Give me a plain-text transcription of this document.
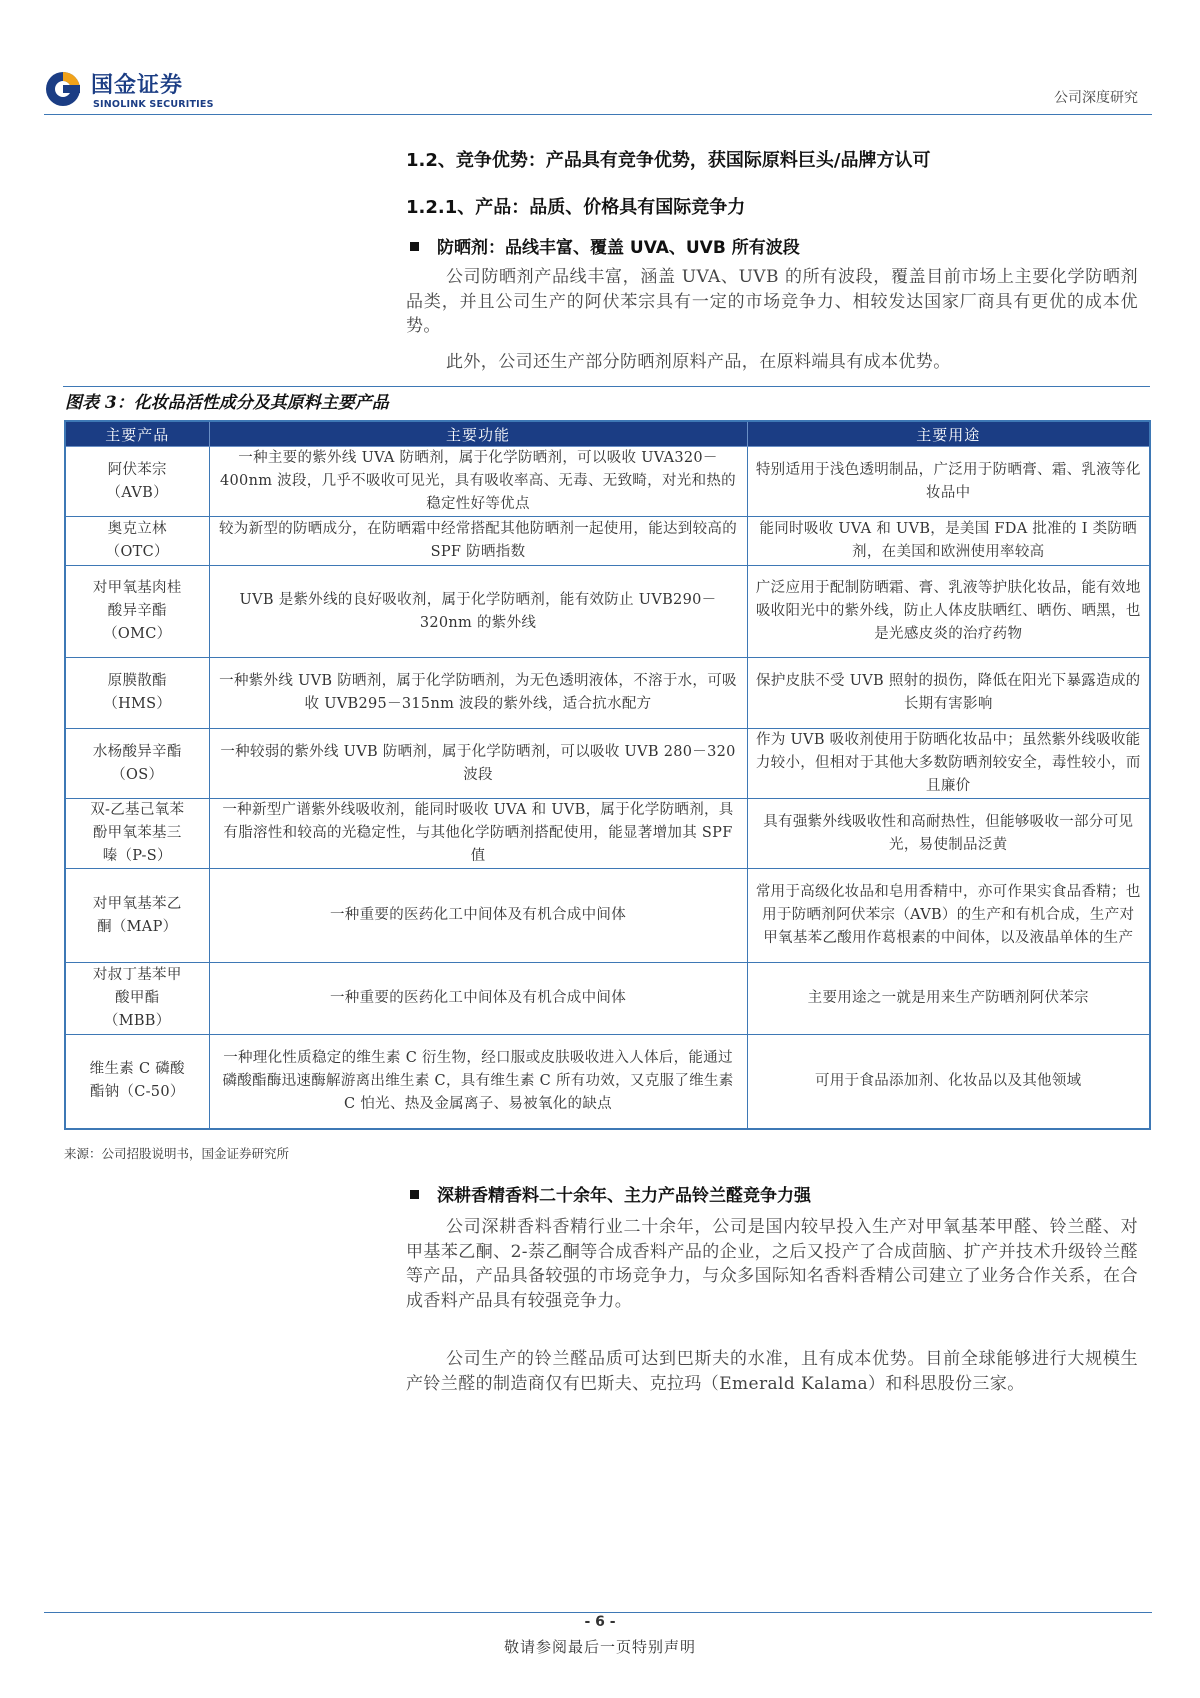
国金证券
SINOLINK SECURITIES	公司深度研究
1.2、竞争优势：产品具有竞争优势，获国际原料巨头/品牌方认可
1.2.1、产品：品质、价格具有国际竞争力
防晒剂：品线丰富、覆盖 UVA、UVB 所有波段

公司防晒剂产品线丰富，涵盖 UVA、UVB 的所有波段，覆盖目前市场上主要化学防晒剂品类，并且公司生产的阿伏苯宗具有一定的市场竞争力、相较发达国家厂商具有更优的成本优势。

此外，公司还生产部分防晒剂原料产品，在原料端具有成本优势。

图表 3：化妆品活性成分及其原料主要产品
主要产品	主要功能	主要用途
阿伏苯宗
（AVB）	一种主要的紫外线 UVA 防晒剂，属于化学防晒剂，可以吸收 UVA320－400nm 波段，几乎不吸收可见光，具有吸收率高、无毒、无致畸，对光和热的稳定性好等优点	特别适用于浅色透明制品，广泛用于防晒膏、霜、乳液等化妆品中
奥克立林
（OTC）	较为新型的防晒成分，在防晒霜中经常搭配其他防晒剂一起使用，能达到较高的 SPF 防晒指数	能同时吸收 UVA 和 UVB，是美国 FDA 批准的 I 类防晒剂，在美国和欧洲使用率较高
对甲氧基肉桂
酸异辛酯
（OMC）	UVB 是紫外线的良好吸收剂，属于化学防晒剂，能有效防止 UVB290－320nm 的紫外线	广泛应用于配制防晒霜、膏、乳液等护肤化妆品，能有效地吸收阳光中的紫外线，防止人体皮肤晒红、晒伤、晒黑，也是光感皮炎的治疗药物
原膜散酯
（HMS）	一种紫外线 UVB 防晒剂，属于化学防晒剂，为无色透明液体，不溶于水，可吸收 UVB295－315nm 波段的紫外线，适合抗水配方	保护皮肤不受 UVB 照射的损伤，降低在阳光下暴露造成的长期有害影响
水杨酸异辛酯
（OS）	一种较弱的紫外线 UVB 防晒剂，属于化学防晒剂，可以吸收 UVB 280－320 波段	作为 UVB 吸收剂使用于防晒化妆品中；虽然紫外线吸收能力较小，但相对于其他大多数防晒剂较安全，毒性较小，而且廉价
双-乙基己氧苯
酚甲氧苯基三
嗪（P-S）	一种新型广谱紫外线吸收剂，能同时吸收 UVA 和 UVB，属于化学防晒剂，具有脂溶性和较高的光稳定性，与其他化学防晒剂搭配使用，能显著增加其 SPF 值	具有强紫外线吸收性和高耐热性，但能够吸收一部分可见光，易使制品泛黄
对甲氧基苯乙
酮（MAP）	一种重要的医药化工中间体及有机合成中间体	常用于高级化妆品和皂用香精中，亦可作果实食品香精；也用于防晒剂阿伏苯宗（AVB）的生产和有机合成，生产对甲氧基苯乙酸用作葛根素的中间体，以及液晶单体的生产
对叔丁基苯甲
酸甲酯
（MBB）	一种重要的医药化工中间体及有机合成中间体	主要用途之一就是用来生产防晒剂阿伏苯宗
维生素 C 磷酸
酯钠（C-50）	一种理化性质稳定的维生素 C 衍生物，经口服或皮肤吸收进入人体后，能通过磷酸酯酶迅速酶解游离出维生素 C，具有维生素 C 所有功效，又克服了维生素 C 怕光、热及金属离子、易被氧化的缺点	可用于食品添加剂、化妆品以及其他领域
来源：公司招股说明书，国金证券研究所
深耕香精香料二十余年、主力产品铃兰醛竞争力强

公司深耕香料香精行业二十余年，公司是国内较早投入生产对甲氧基苯甲醛、铃兰醛、对甲基苯乙酮、2-萘乙酮等合成香料产品的企业，之后又投产了合成茴脑、扩产并技术升级铃兰醛等产品，产品具备较强的市场竞争力，与众多国际知名香料香精公司建立了业务合作关系，在合成香料产品具有较强竞争力。

公司生产的铃兰醛品质可达到巴斯夫的水准，且有成本优势。目前全球能够进行大规模生产铃兰醛的制造商仅有巴斯夫、克拉玛（Emerald Kalama）和科思股份三家。

- 6 -
敬请参阅最后一页特别声明
